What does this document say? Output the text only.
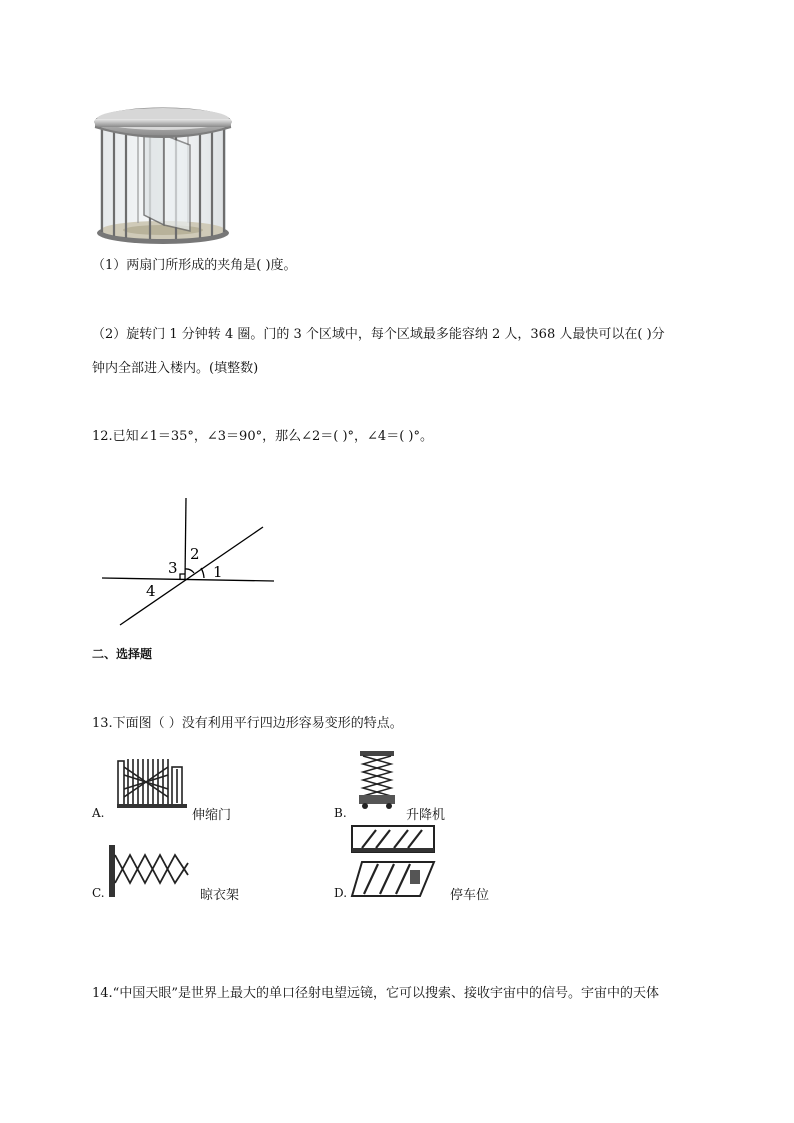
（1）两扇门所形成的夹角是( )度。
（2）旋转门 1 分钟转 4 圈。门的 3 个区域中，每个区域最多能容纳 2 人，368 人最快可以在( )分
钟内全部进入楼内。(填整数)
12.已知∠1＝35°，∠3＝90°，那么∠2＝( )°，∠4＝( )°。
1
2
3
4
二、选择题
13.下面图（ ）没有利用平行四边形容易变形的特点。
A.	伸缩门	B.	升降机
C.	晾衣架	D.	停车位
14.“中国天眼”是世界上最大的单口径射电望远镜，它可以搜索、接收宇宙中的信号。宇宙中的天体
